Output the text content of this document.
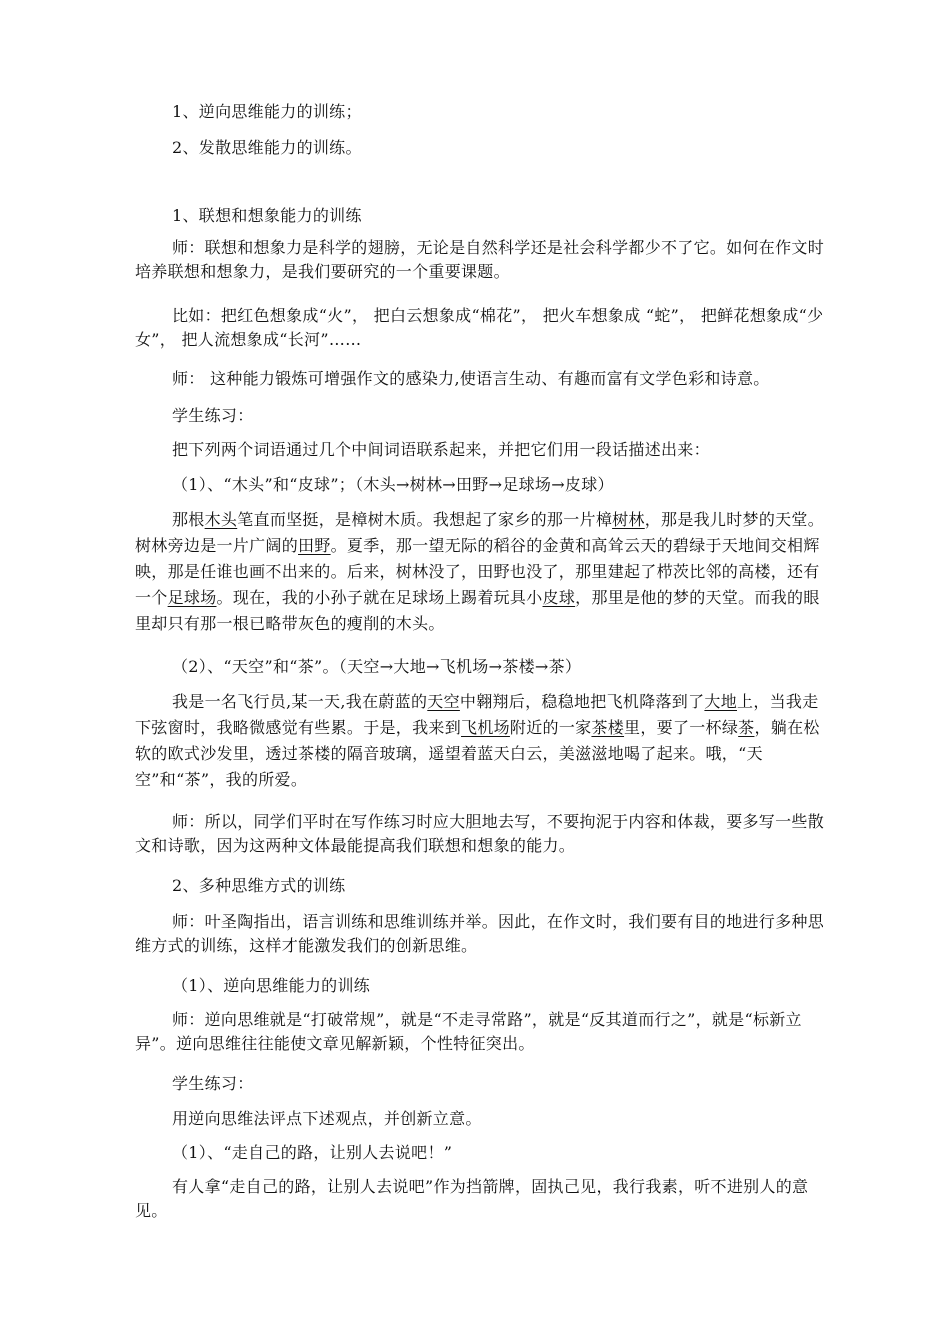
1、逆向思维能力的训练；
2、发散思维能力的训练。
1、联想和想象能力的训练

师：联想和想象力是科学的翅膀，无论是自然科学还是社会科学都少不了它。如何在作文时培养联想和想象力，是我们要研究的一个重要课题。

比如：把红色想象成“火”， 把白云想象成“棉花”， 把火车想象成 “蛇”， 把鲜花想象成“少女”， 把人流想象成“长河”……

师： 这种能力锻炼可增强作文的感染力,使语言生动、有趣而富有文学色彩和诗意。
学生练习：
把下列两个词语通过几个中间词语联系起来，并把它们用一段话描述出来：
（1）、“木头”和“皮球”；（木头→树林→田野→足球场→皮球）

那根木头笔直而坚挺，是樟树木质。我想起了家乡的那一片樟树林，那是我儿时梦的天堂。树林旁边是一片广阔的田野。夏季，那一望无际的稻谷的金黄和高耸云天的碧绿于天地间交相辉映，那是任谁也画不出来的。后来，树林没了，田野也没了，那里建起了栉茨比邻的高楼，还有一个足球场。现在，我的小孙子就在足球场上踢着玩具小皮球，那里是他的梦的天堂。而我的眼里却只有那一根已略带灰色的瘦削的木头。

（2）、“天空”和“茶”。（天空→大地→飞机场→茶楼→茶）

我是一名飞行员,某一天,我在蔚蓝的天空中翱翔后，稳稳地把飞机降落到了大地上，当我走下弦窗时，我略微感觉有些累。于是，我来到飞机场附近的一家茶楼里，要了一杯绿茶，躺在松软的欧式沙发里，透过茶楼的隔音玻璃，遥望着蓝天白云，美滋滋地喝了起来。哦，“天空”和“茶”，我的所爱。

师：所以，同学们平时在写作练习时应大胆地去写，不要拘泥于内容和体裁，要多写一些散文和诗歌，因为这两种文体最能提高我们联想和想象的能力。

2、多种思维方式的训练

师：叶圣陶指出，语言训练和思维训练并举。因此，在作文时，我们要有目的地进行多种思维方式的训练，这样才能激发我们的创新思维。

（1）、逆向思维能力的训练

师：逆向思维就是“打破常规”，就是“不走寻常路”，就是“反其道而行之”，就是“标新立异”。逆向思维往往能使文章见解新颖，个性特征突出。

学生练习：
用逆向思维法评点下述观点，并创新立意。
（1）、“走自己的路，让别人去说吧！”

有人拿“走自己的路，让别人去说吧”作为挡箭牌，固执己见，我行我素，听不进别人的意见。
